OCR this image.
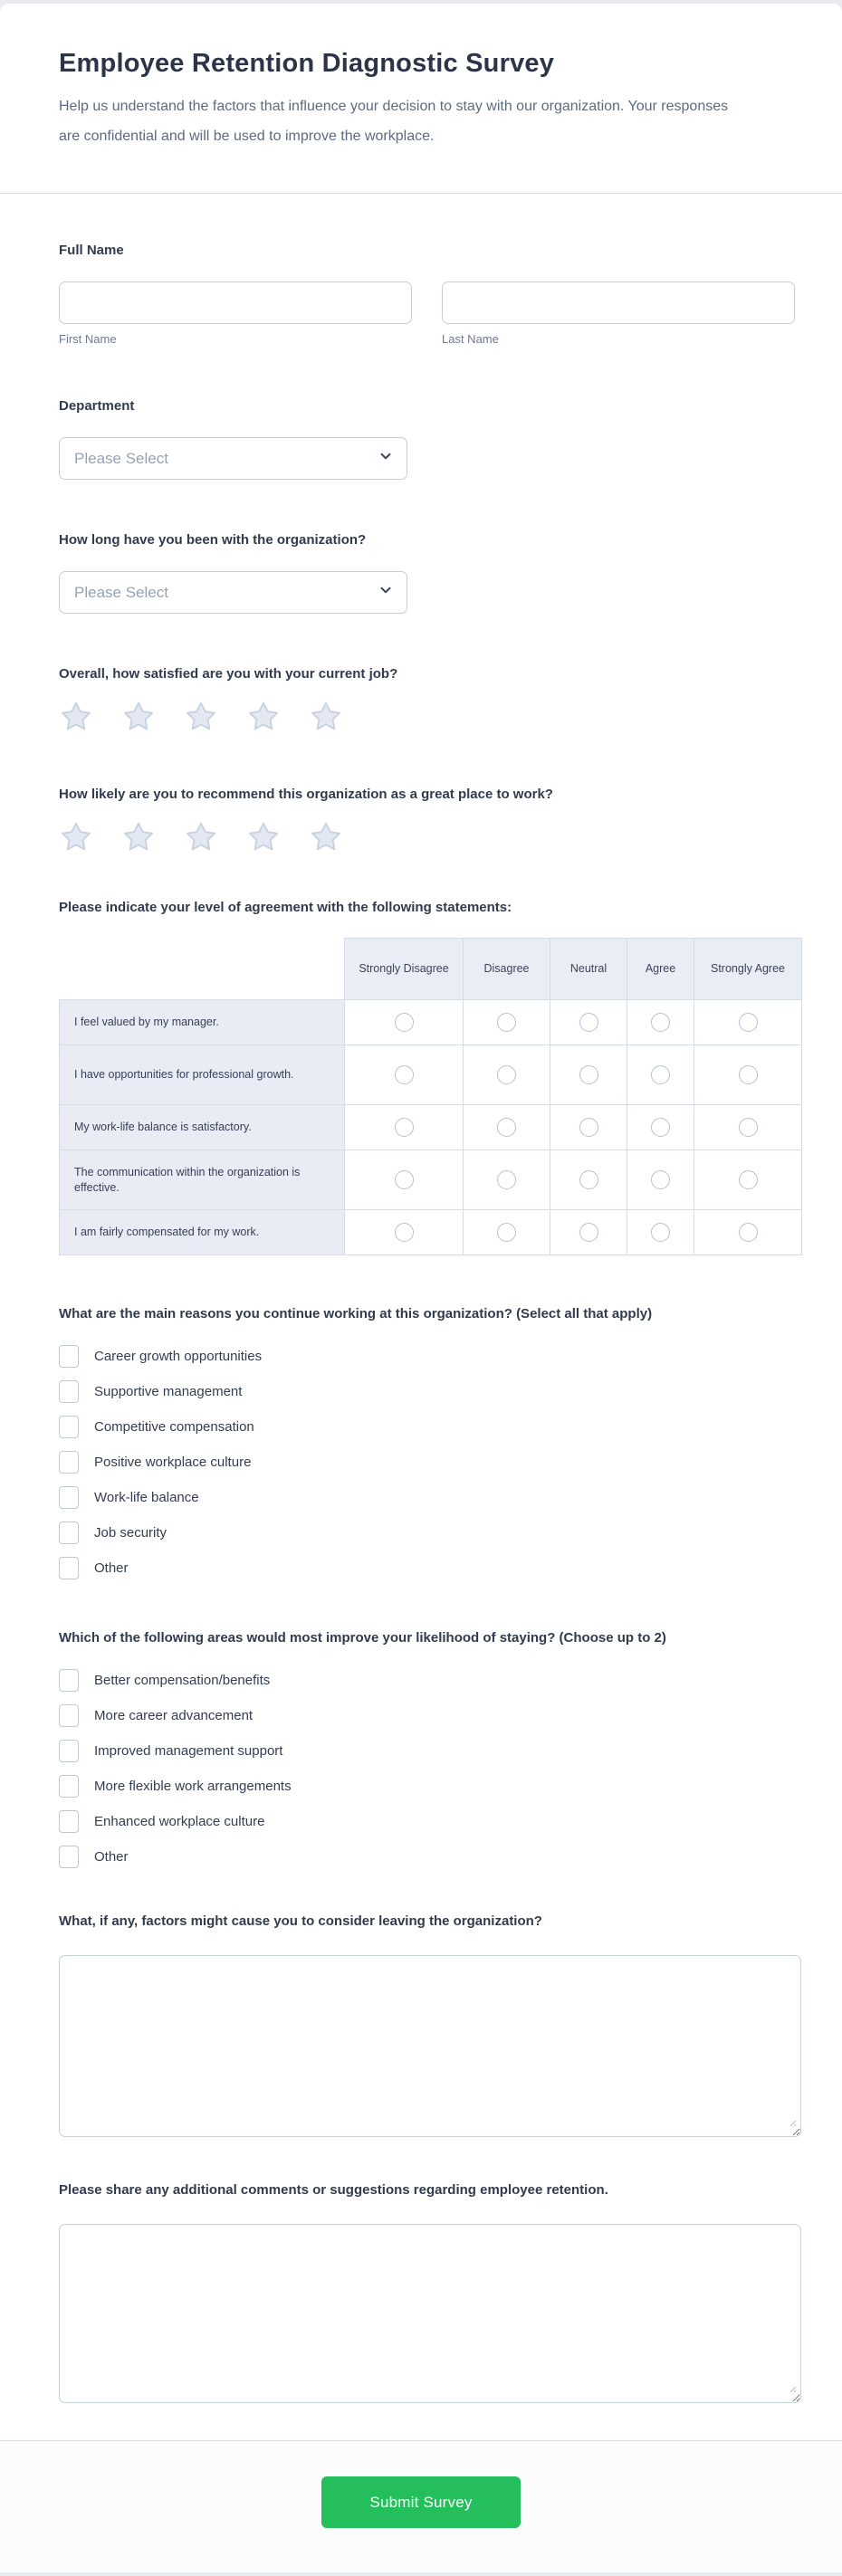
Employee Retention Diagnostic Survey

Help us understand the factors that influence your decision to stay with our organization. Your responses are confidential and will be used to improve the workplace.

Full Name
First Name	Last Name
Department
Please Select
How long have you been with the organization?
Please Select
Overall, how satisfied are you with your current job?
How likely are you to recommend this organization as a great place to work?
Please indicate your level of agreement with the following statements:
	Strongly Disagree	Disagree	Neutral	Agree	Strongly Agree
I feel valued by my manager.					
I have opportunities for professional growth.					
My work-life balance is satisfactory.					
The communication within the organization is effective.					
I am fairly compensated for my work.					
What are the main reasons you continue working at this organization? (Select all that apply)
Career growth opportunities
Supportive management
Competitive compensation
Positive workplace culture
Work-life balance
Job security
Other
Which of the following areas would most improve your likelihood of staying? (Choose up to 2)
Better compensation/benefits
More career advancement
Improved management support
More flexible work arrangements
Enhanced workplace culture
Other
What, if any, factors might cause you to consider leaving the organization?
Please share any additional comments or suggestions regarding employee retention.
Submit Survey
